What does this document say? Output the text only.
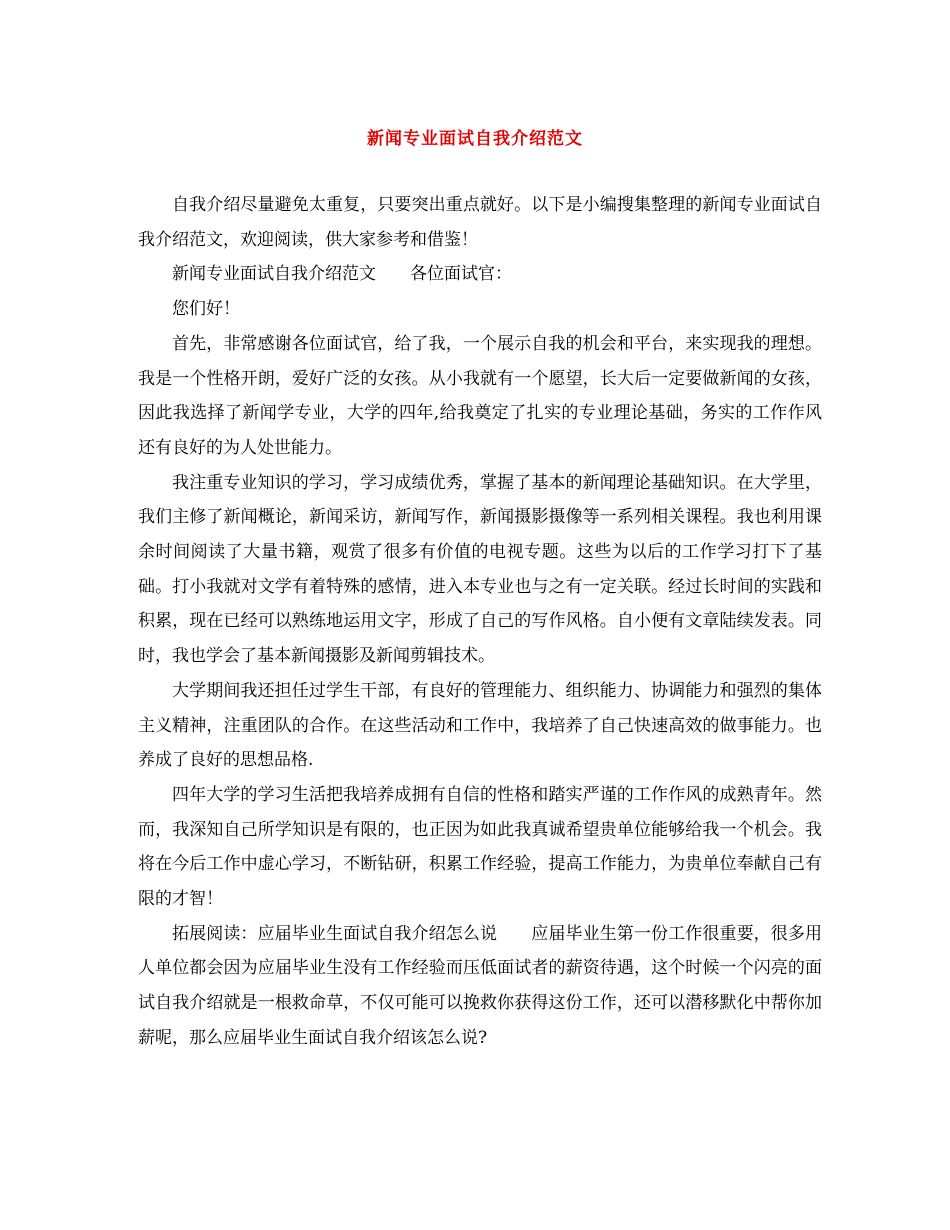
新闻专业面试自我介绍范文

自我介绍尽量避免太重复，只要突出重点就好。以下是小编搜集整理的新闻专业面试自我介绍范文，欢迎阅读，供大家参考和借鉴！

新闻专业面试自我介绍范文　　各位面试官：

您们好！

首先，非常感谢各位面试官，给了我，一个展示自我的机会和平台，来实现我的理想。我是一个性格开朗，爱好广泛的女孩。从小我就有一个愿望，长大后一定要做新闻的女孩，因此我选择了新闻学专业，大学的四年,给我奠定了扎实的专业理论基础，务实的工作作风还有良好的为人处世能力。

我注重专业知识的学习，学习成绩优秀，掌握了基本的新闻理论基础知识。在大学里，我们主修了新闻概论，新闻采访，新闻写作，新闻摄影摄像等一系列相关课程。我也利用课余时间阅读了大量书籍，观赏了很多有价值的电视专题。这些为以后的工作学习打下了基础。打小我就对文学有着特殊的感情，进入本专业也与之有一定关联。经过长时间的实践和积累，现在已经可以熟练地运用文字，形成了自己的写作风格。自小便有文章陆续发表。同时，我也学会了基本新闻摄影及新闻剪辑技术。

大学期间我还担任过学生干部，有良好的管理能力、组织能力、协调能力和强烈的集体主义精神，注重团队的合作。在这些活动和工作中，我培养了自己快速高效的做事能力。也养成了良好的思想品格.

四年大学的学习生活把我培养成拥有自信的性格和踏实严谨的工作作风的成熟青年。然而，我深知自己所学知识是有限的，也正因为如此我真诚希望贵单位能够给我一个机会。我将在今后工作中虚心学习，不断钻研，积累工作经验，提高工作能力，为贵单位奉献自己有限的才智！

拓展阅读：应届毕业生面试自我介绍怎么说　　应届毕业生第一份工作很重要，很多用人单位都会因为应届毕业生没有工作经验而压低面试者的薪资待遇，这个时候一个闪亮的面试自我介绍就是一根救命草，不仅可能可以挽救你获得这份工作，还可以潜移默化中帮你加薪呢，那么应届毕业生面试自我介绍该怎么说?
